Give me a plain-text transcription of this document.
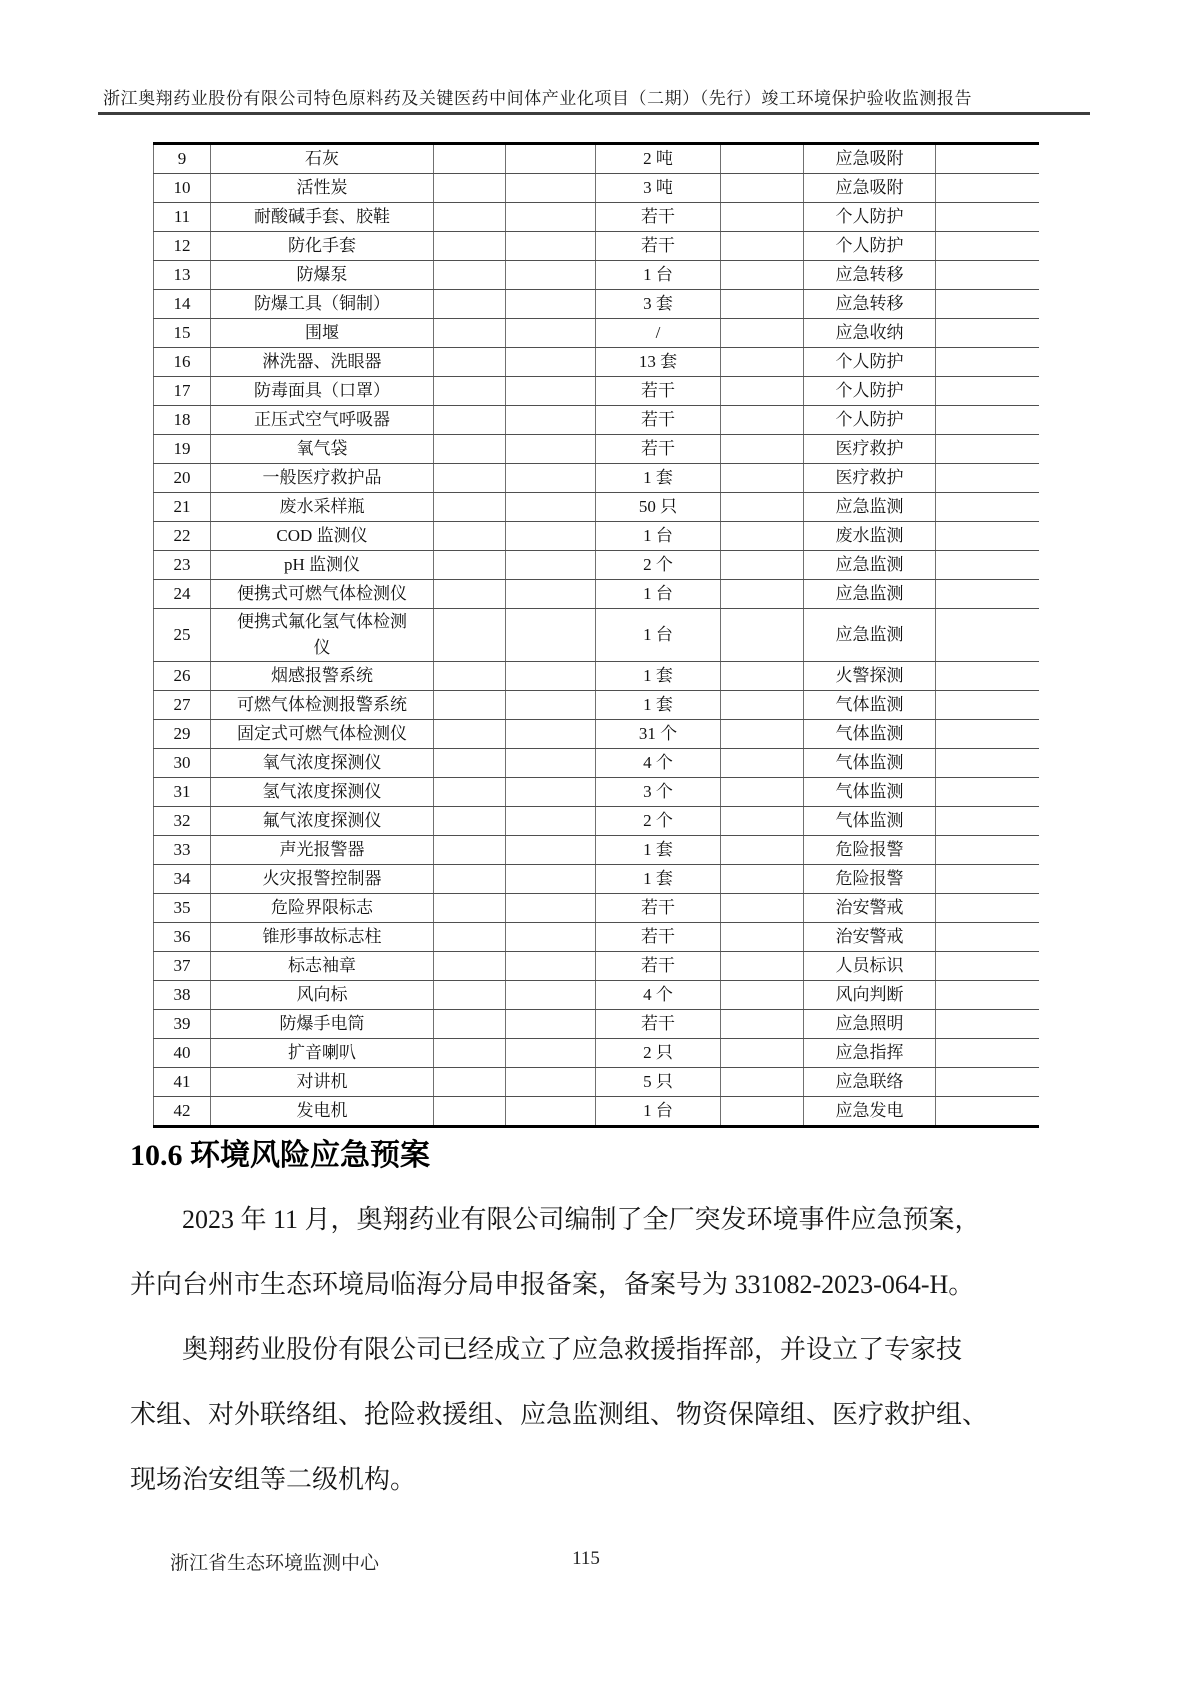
浙江奥翔药业股份有限公司特色原料药及关键医药中间体产业化项目（二期）（先行）竣工环境保护验收监测报告
9	石灰			2 吨		应急吸附	
10	活性炭			3 吨		应急吸附	
11	耐酸碱手套、胶鞋			若干		个人防护	
12	防化手套			若干		个人防护	
13	防爆泵			1 台		应急转移	
14	防爆工具（铜制）			3 套		应急转移	
15	围堰			/		应急收纳	
16	淋洗器、洗眼器			13 套		个人防护	
17	防毒面具（口罩）			若干		个人防护	
18	正压式空气呼吸器			若干		个人防护	
19	氧气袋			若干		医疗救护	
20	一般医疗救护品			1 套		医疗救护	
21	废水采样瓶			50 只		应急监测	
22	COD 监测仪			1 台		废水监测	
23	pH 监测仪			2 个		应急监测	
24	便携式可燃气体检测仪			1 台		应急监测	
25	便携式氟化氢气体检测仪			1 台		应急监测	
26	烟感报警系统			1 套		火警探测	
27	可燃气体检测报警系统			1 套		气体监测	
29	固定式可燃气体检测仪			31 个		气体监测	
30	氧气浓度探测仪			4 个		气体监测	
31	氢气浓度探测仪			3 个		气体监测	
32	氟气浓度探测仪			2 个		气体监测	
33	声光报警器			1 套		危险报警	
34	火灾报警控制器			1 套		危险报警	
35	危险界限标志			若干		治安警戒	
36	锥形事故标志柱			若干		治安警戒	
37	标志袖章			若干		人员标识	
38	风向标			4 个		风向判断	
39	防爆手电筒			若干		应急照明	
40	扩音喇叭			2 只		应急指挥	
41	对讲机			5 只		应急联络	
42	发电机			1 台		应急发电	
10.6 环境风险应急预案
2023 年 11 月，奥翔药业有限公司编制了全厂突发环境事件应急预案，
并向台州市生态环境局临海分局申报备案，备案号为 331082-2023-064-H。
奥翔药业股份有限公司已经成立了应急救援指挥部，并设立了专家技
术组、对外联络组、抢险救援组、应急监测组、物资保障组、医疗救护组、
现场治安组等二级机构。
浙江省生态环境监测中心	115
